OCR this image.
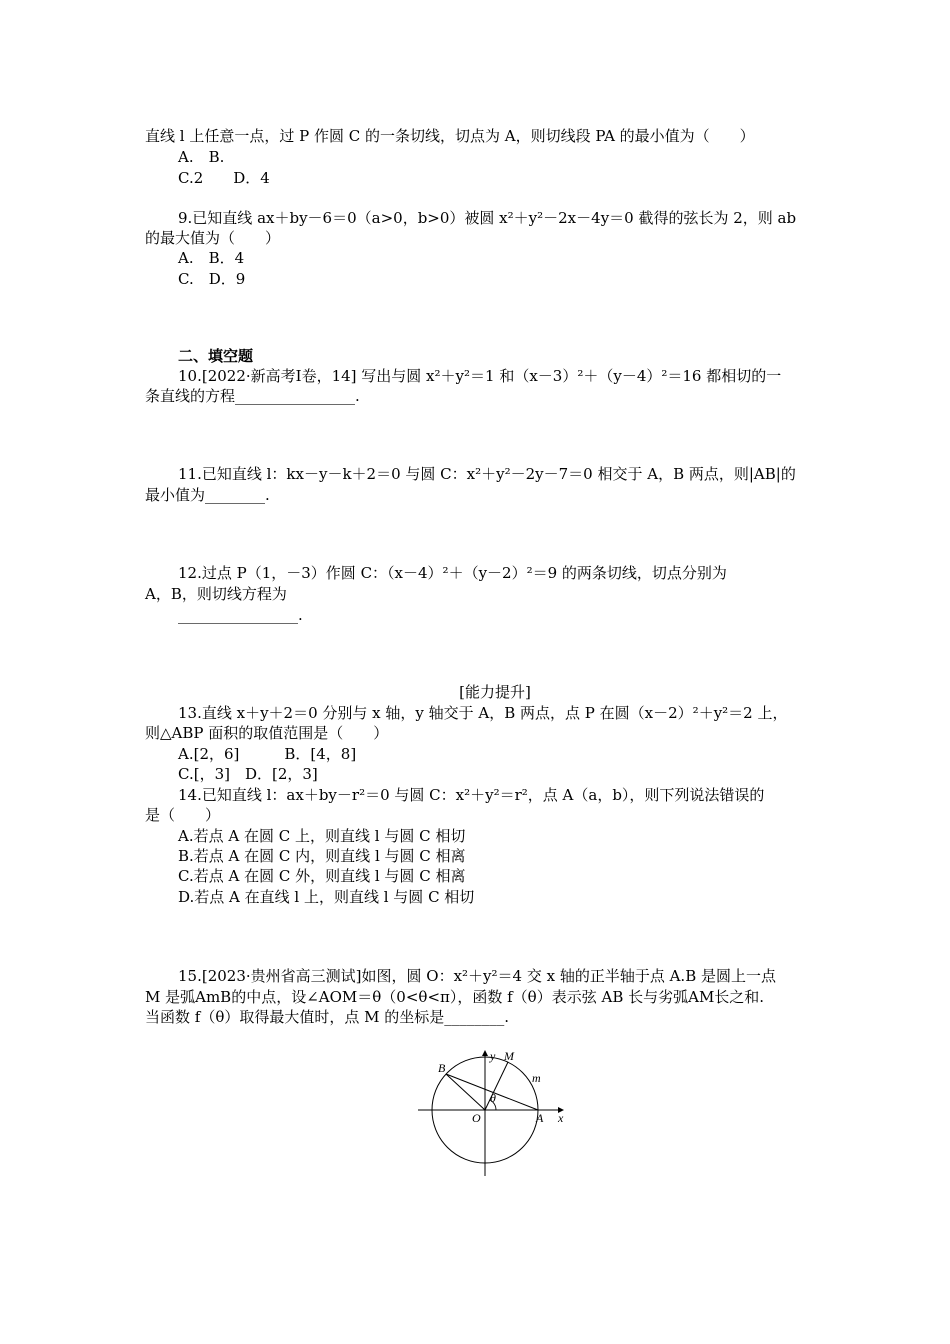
直线 l 上任意一点，过 P 作圆 C 的一条切线，切点为 A，则切线段 PA 的最小值为（　　）
A.　B.
C.2　　D．4
9.已知直线 ax＋by－6＝0（a>0，b>0）被圆 x²＋y²－2x－4y＝0 截得的弦长为 2，则 ab
的最大值为（　　）
A.　B．4
C.　D．9
二、填空题
10.[2022·新高考Ⅰ卷，14] 写出与圆 x²＋y²＝1 和（x－3）²＋（y－4）²＝16 都相切的一
条直线的方程________________.
11.已知直线 l：kx－y－k＋2＝0 与圆 C：x²＋y²－2y－7＝0 相交于 A，B 两点，则|AB|的
最小值为________.
12.过点 P（1，－3）作圆 C：（x－4）²＋（y－2）²＝9 的两条切线，切点分别为
A，B，则切线方程为
________________.
[能力提升]
13.直线 x＋y＋2＝0 分别与 x 轴，y 轴交于 A，B 两点，点 P 在圆（x－2）²＋y²＝2 上，
则△ABP 面积的取值范围是（　　）
A.[2，6]　　　B．[4，8]
C.[，3]　D．[2，3]
14.已知直线 l：ax＋by－r²＝0 与圆 C：x²＋y²＝r²，点 A（a，b），则下列说法错误的
是（　　）
A.若点 A 在圆 C 上，则直线 l 与圆 C 相切
B.若点 A 在圆 C 内，则直线 l 与圆 C 相离
C.若点 A 在圆 C 外，则直线 l 与圆 C 相离
D.若点 A 在直线 l 上，则直线 l 与圆 C 相切
15.[2023·贵州省高三测试]如图，圆 O：x²＋y²＝4 交 x 轴的正半轴于点 A.B 是圆上一点
M 是弧AmB的中点，设∠AOM＝θ（0<θ<π），函数 f（θ）表示弦 AB 长与劣弧AM长之和.
当函数 f（θ）取得最大值时，点 M 的坐标是________.
M
m
B
y
θ
O	A x
